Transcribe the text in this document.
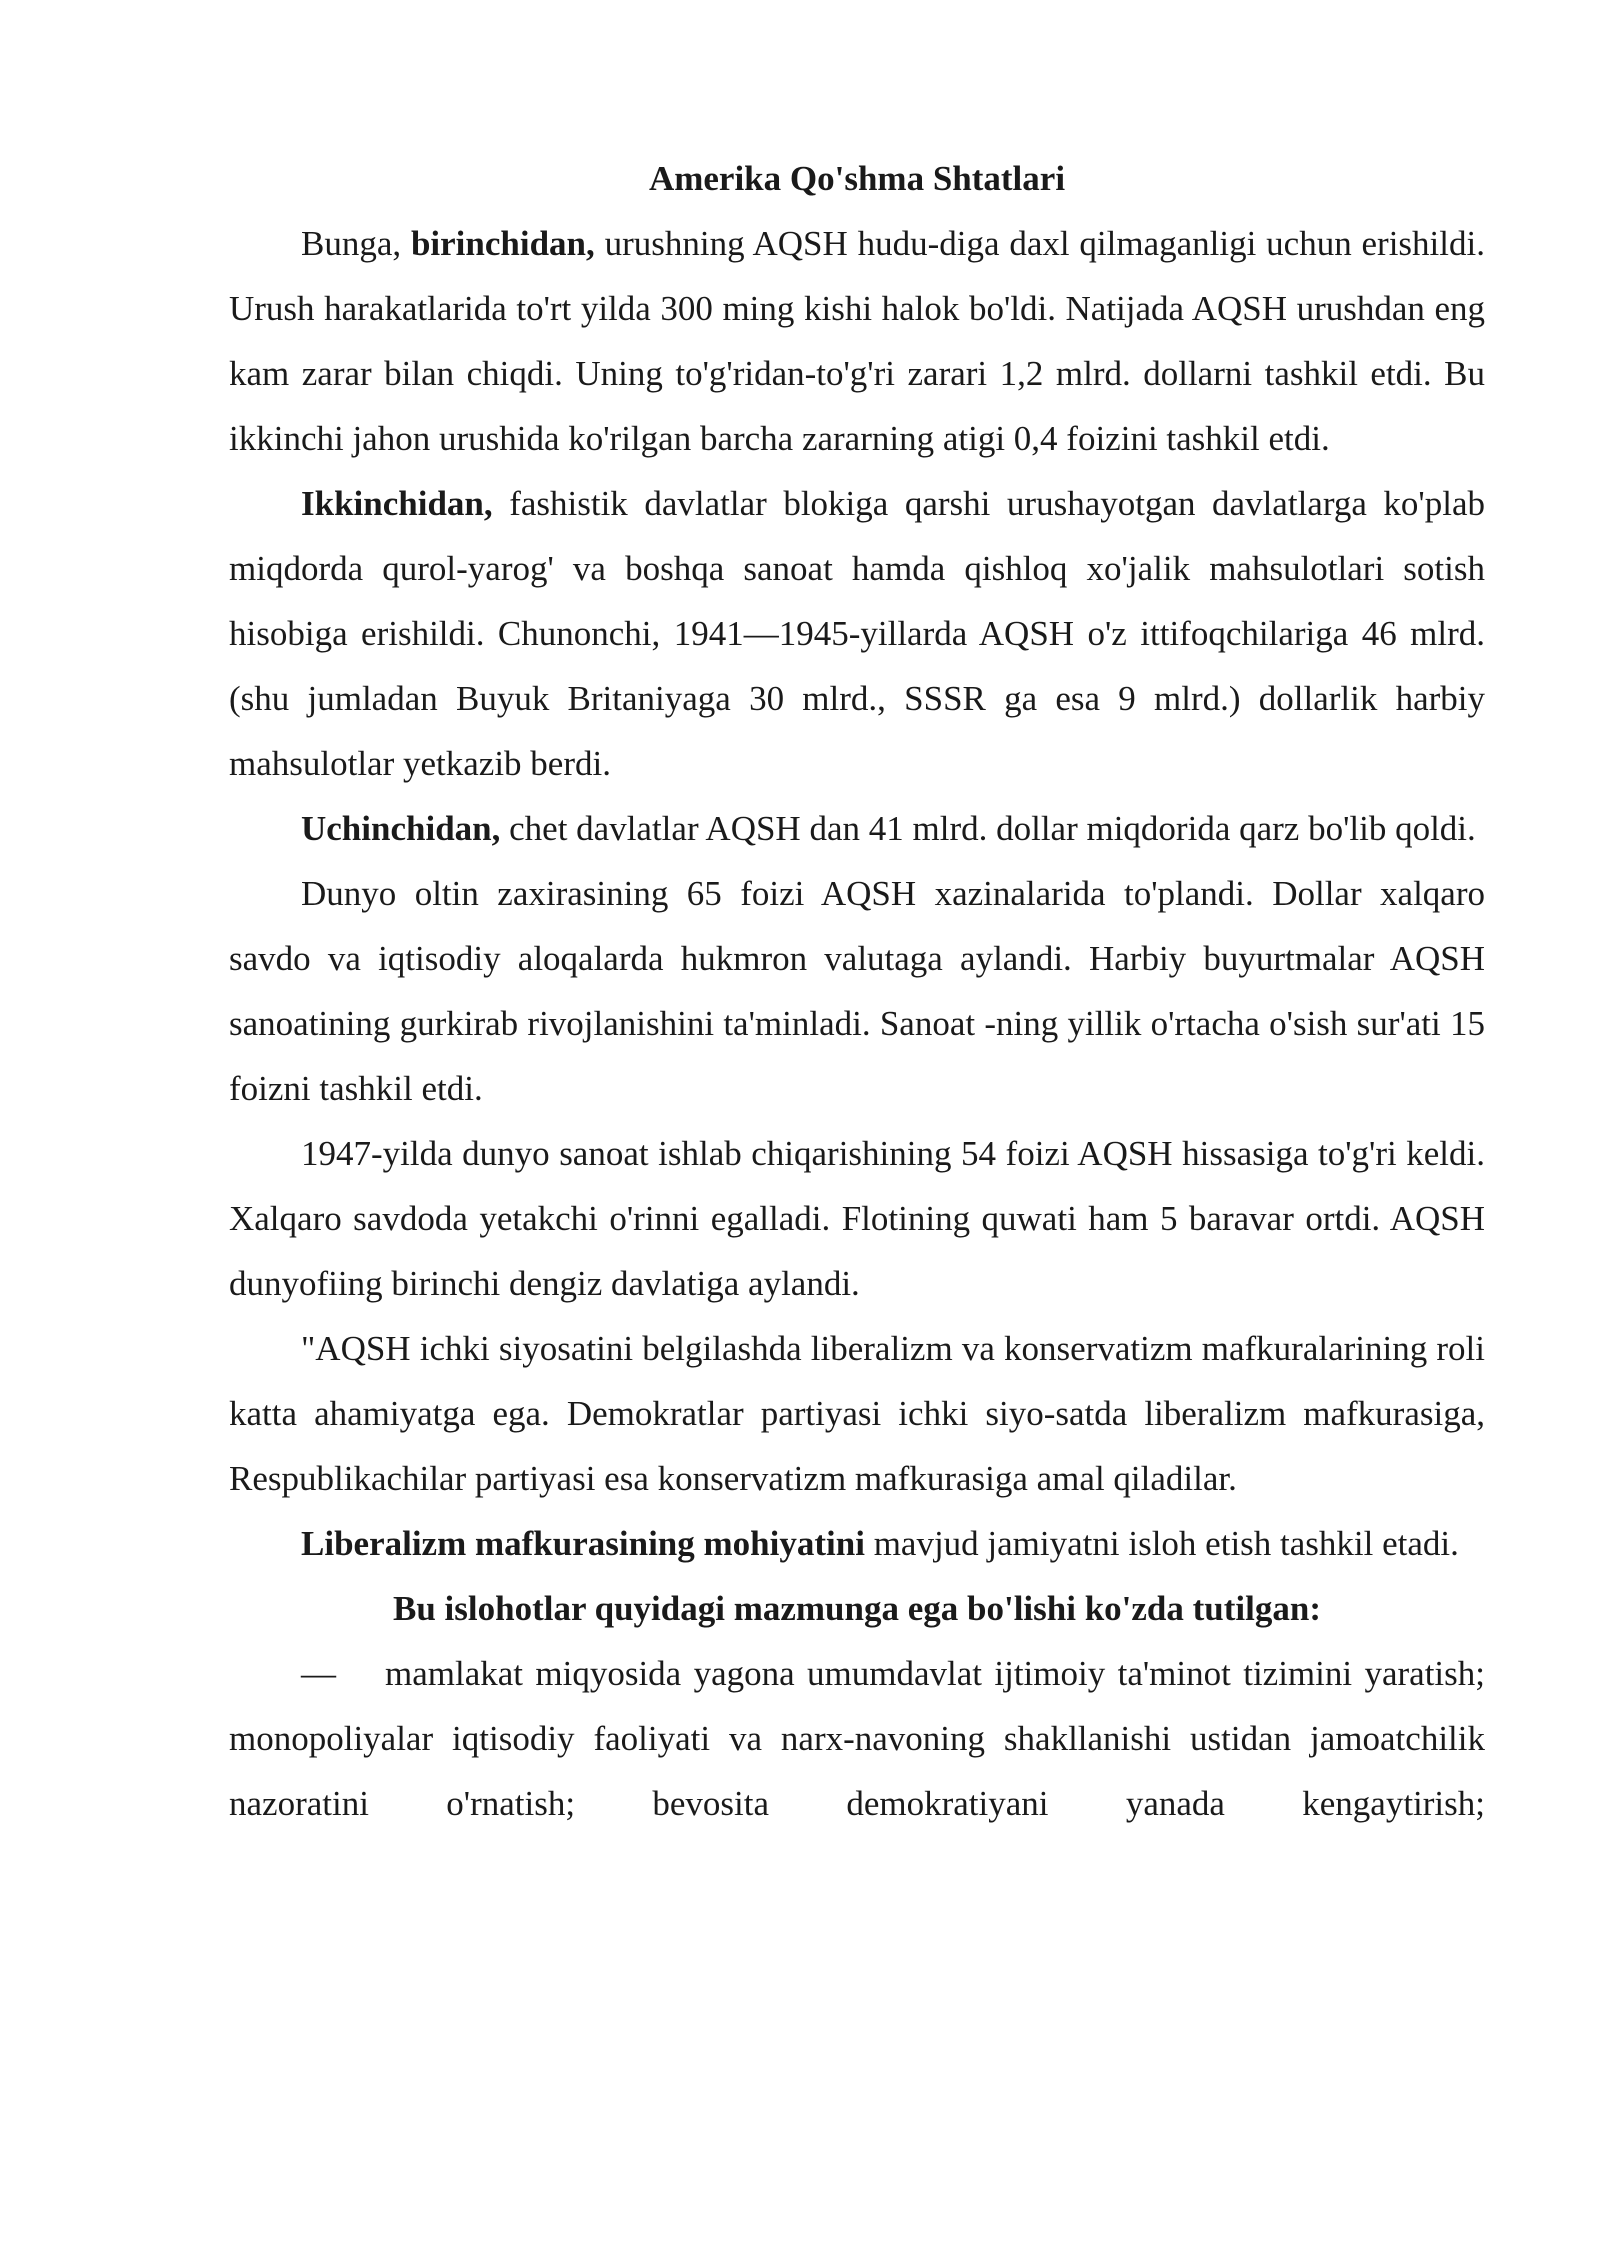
Amerika Qo'shma Shtatlari

Bunga, birinchidan, urushning AQSH hudu-diga daxl qilmaganligi uchun erishildi. Urush harakatlarida to'rt yilda 300 ming kishi halok bo'ldi. Natijada AQSH urushdan eng kam zarar bilan chiqdi. Uning to'g'ridan-to'g'ri zarari 1,2 mlrd. dollarni tashkil etdi. Bu ikkinchi jahon urushida ko'rilgan barcha zararning atigi 0,4 foizini tashkil etdi.

Ikkinchidan, fashistik davlatlar blokiga qarshi urushayotgan davlatlarga ko'plab miqdorda qurol-yarog' va boshqa sanoat hamda qishloq xo'jalik mahsulotlari sotish hisobiga erishildi. Chunonchi, 1941—1945-yillarda AQSH o'z ittifoqchilariga 46 mlrd. (shu jumladan Buyuk Britaniyaga 30 mlrd., SSSR ga esa 9 mlrd.) dollarlik harbiy mahsulotlar yetkazib berdi.

Uchinchidan, chet davlatlar AQSH dan 41 mlrd. dollar miqdorida qarz bo'lib qoldi.

Dunyo oltin zaxirasining 65 foizi AQSH xazinalarida to'plandi. Dollar xalqaro savdo va iqtisodiy aloqalarda hukmron valutaga aylandi. Harbiy buyurtmalar AQSH sanoatining gurkirab rivojlanishini ta'minladi. Sanoat -ning yillik o'rtacha o'sish sur'ati 15 foizni tashkil etdi.

1947-yilda dunyo sanoat ishlab chiqarishining 54 foizi AQSH hissasiga to'g'ri keldi. Xalqaro savdoda yetakchi o'rinni egalladi. Flotining quwati ham 5 baravar ortdi. AQSH dunyofiing birinchi dengiz davlatiga aylandi.

"AQSH ichki siyosatini belgilashda liberalizm va konservatizm mafkuralarining roli katta ahamiyatga ega. Demokratlar partiyasi ichki siyo-satda liberalizm mafkurasiga, Respublikachilar partiyasi esa konservatizm mafkurasiga amal qiladilar.

Liberalizm mafkurasining mohiyatini mavjud jamiyatni isloh etish tashkil etadi.

Bu islohotlar quyidagi mazmunga ega bo'lishi ko'zda tutilgan:

— mamlakat miqyosida yagona umumdavlat ijtimoiy ta'minot tizimini yaratish; monopoliyalar iqtisodiy faoliyati va narx-navoning shakllanishi ustidan jamoatchilik nazoratini o'rnatish; bevosita demokratiyani yanada kengaytirish;
